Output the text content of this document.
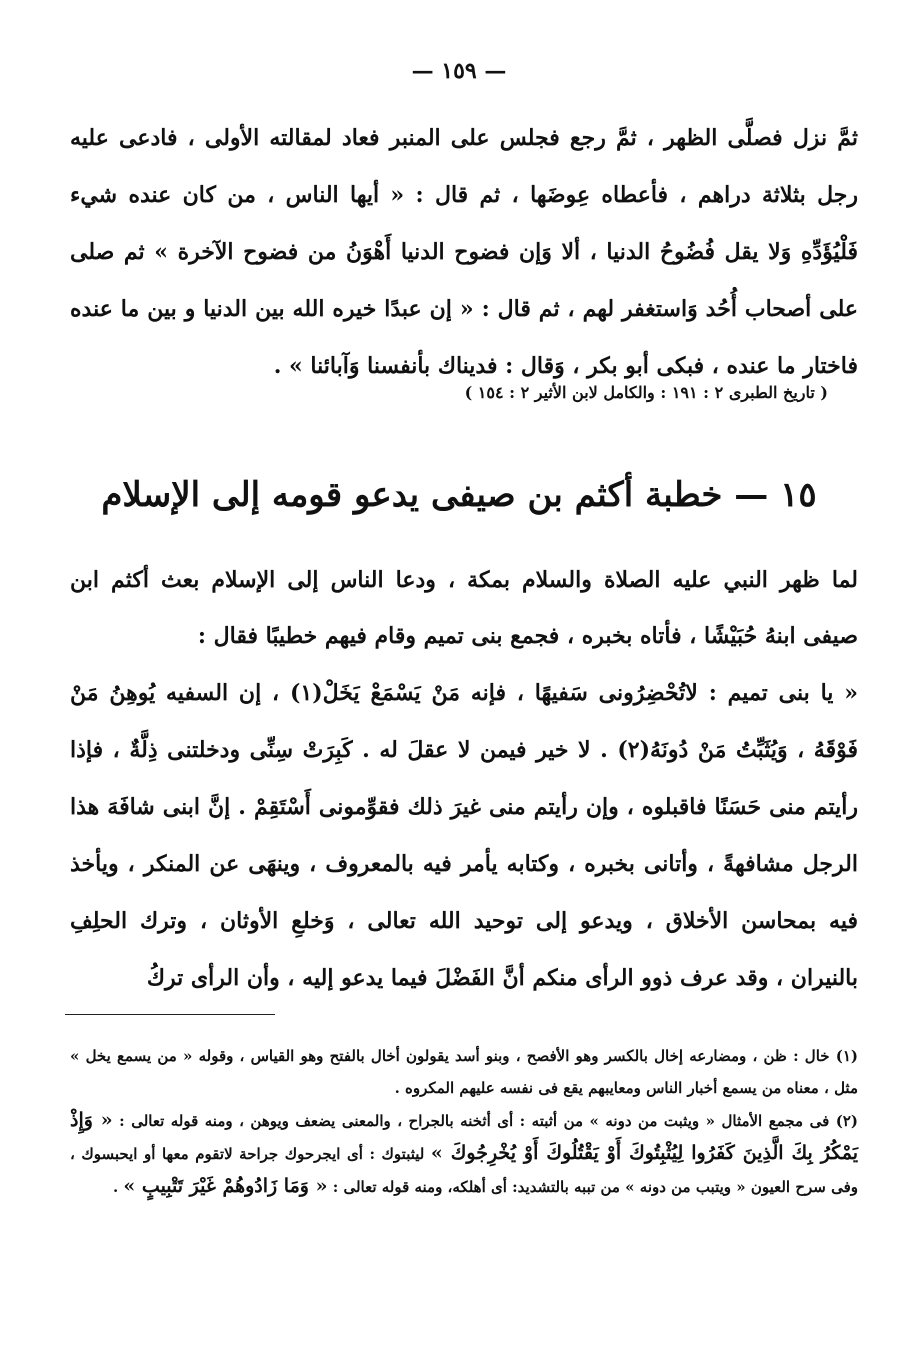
— ١٥٩ —
ثمَّ نزل فصلَّى الظهر ، ثمَّ رجع فجلس على المنبر فعاد لمقالته الأولى ، فادعى عليه رجل بثلاثة دراهم ، فأعطاه عِوضَها ، ثم قال : « أيها الناس ، من كان عنده شيء فَلْيُؤَدِّهِ وَلا يقل فُضُوحُ الدنيا ، ألا وَإن فضوح الدنيا أَهْوَنُ من فضوح الآخرة » ثم صلى على أصحاب أُحُد وَاستغفر لهم ، ثم قال : « إن عبدًا خيره الله بين الدنيا و بين ما عنده فاختار ما عنده ، فبكى أبو بكر ، وَقال : فديناك بأنفسنا وَآبائنا » .
( تاريخ الطبرى ٢ : ١٩١ : والكامل لابن الأثير ٢ : ١٥٤ )
١٥ — خطبة أكثم بن صيفى يدعو قومه إلى الإسلام
لما ظهر النبي عليه الصلاة والسلام بمكة ، ودعا الناس إلى الإسلام بعث أكثم ابن صيفى ابنهُ حُبَيْشًا ، فأتاه بخبره ، فجمع بنى تميم وقام فيهم خطيبًا فقال :
« يا بنى تميم : لاتُحْضِرُونى سَفيهًا ، فإنه مَنْ يَسْمَعْ يَخَلْ(١) ، إن السفيه يُوهِنُ مَنْ فَوْقَهُ ، وَيُثَبِّتُ مَنْ دُونَهُ(٢) . لا خير فيمن لا عقلَ له . كَبِرَتْ سِنِّى ودخلتنى ذِلَّةٌ ، فإذا رأيتم منى حَسَنًا فاقبلوه ، وإن رأيتم منى غيرَ ذلك فقوِّمونى أَسْتَقِمْ . إنَّ ابنى شافَهَ هذا الرجل مشافهةً ، وأتانى بخبره ، وكتابه يأمر فيه بالمعروف ، وينهَى عن المنكر ، ويأخذ فيه بمحاسن الأخلاق ، ويدعو إلى توحيد الله تعالى ، وَخلعِ الأوثان ، وترك الحلِفِ بالنيران ، وقد عرف ذوو الرأى منكم أنَّ الفَضْلَ فيما يدعو إليه ، وأن الرأى تركُ

(١) خال : ظن ، ومضارعه إخال بالكسر وهو الأفصح ، وبنو أسد يقولون أخال بالفتح وهو القياس ، وقوله « من يسمع يخل » مثل ، معناه من يسمع أخبار الناس ومعايبهم يقع فى نفسه عليهم المكروه .

(٢) فى مجمع الأمثال « ويثبت من دونه » من أثبته : أى أثخنه بالجراح ، والمعنى يضعف ويوهن ، ومنه قوله تعالى : « وَإِذْ يَمْكُرُ بِكَ الَّذِينَ كَفَرُوا لِيُثْبِتُوكَ أَوْ يَقْتُلُوكَ أَوْ يُخْرِجُوكَ » ليثبتوك : أى ايجرحوك جراحة لاتقوم معها أو ايحبسوك ، وفى سرح العيون « ويتبب من دونه » من تببه بالتشديد: أى أهلكه، ومنه قوله تعالى : « وَمَا زَادُوهُمْ غَيْرَ تَتْبِيبٍ » .
